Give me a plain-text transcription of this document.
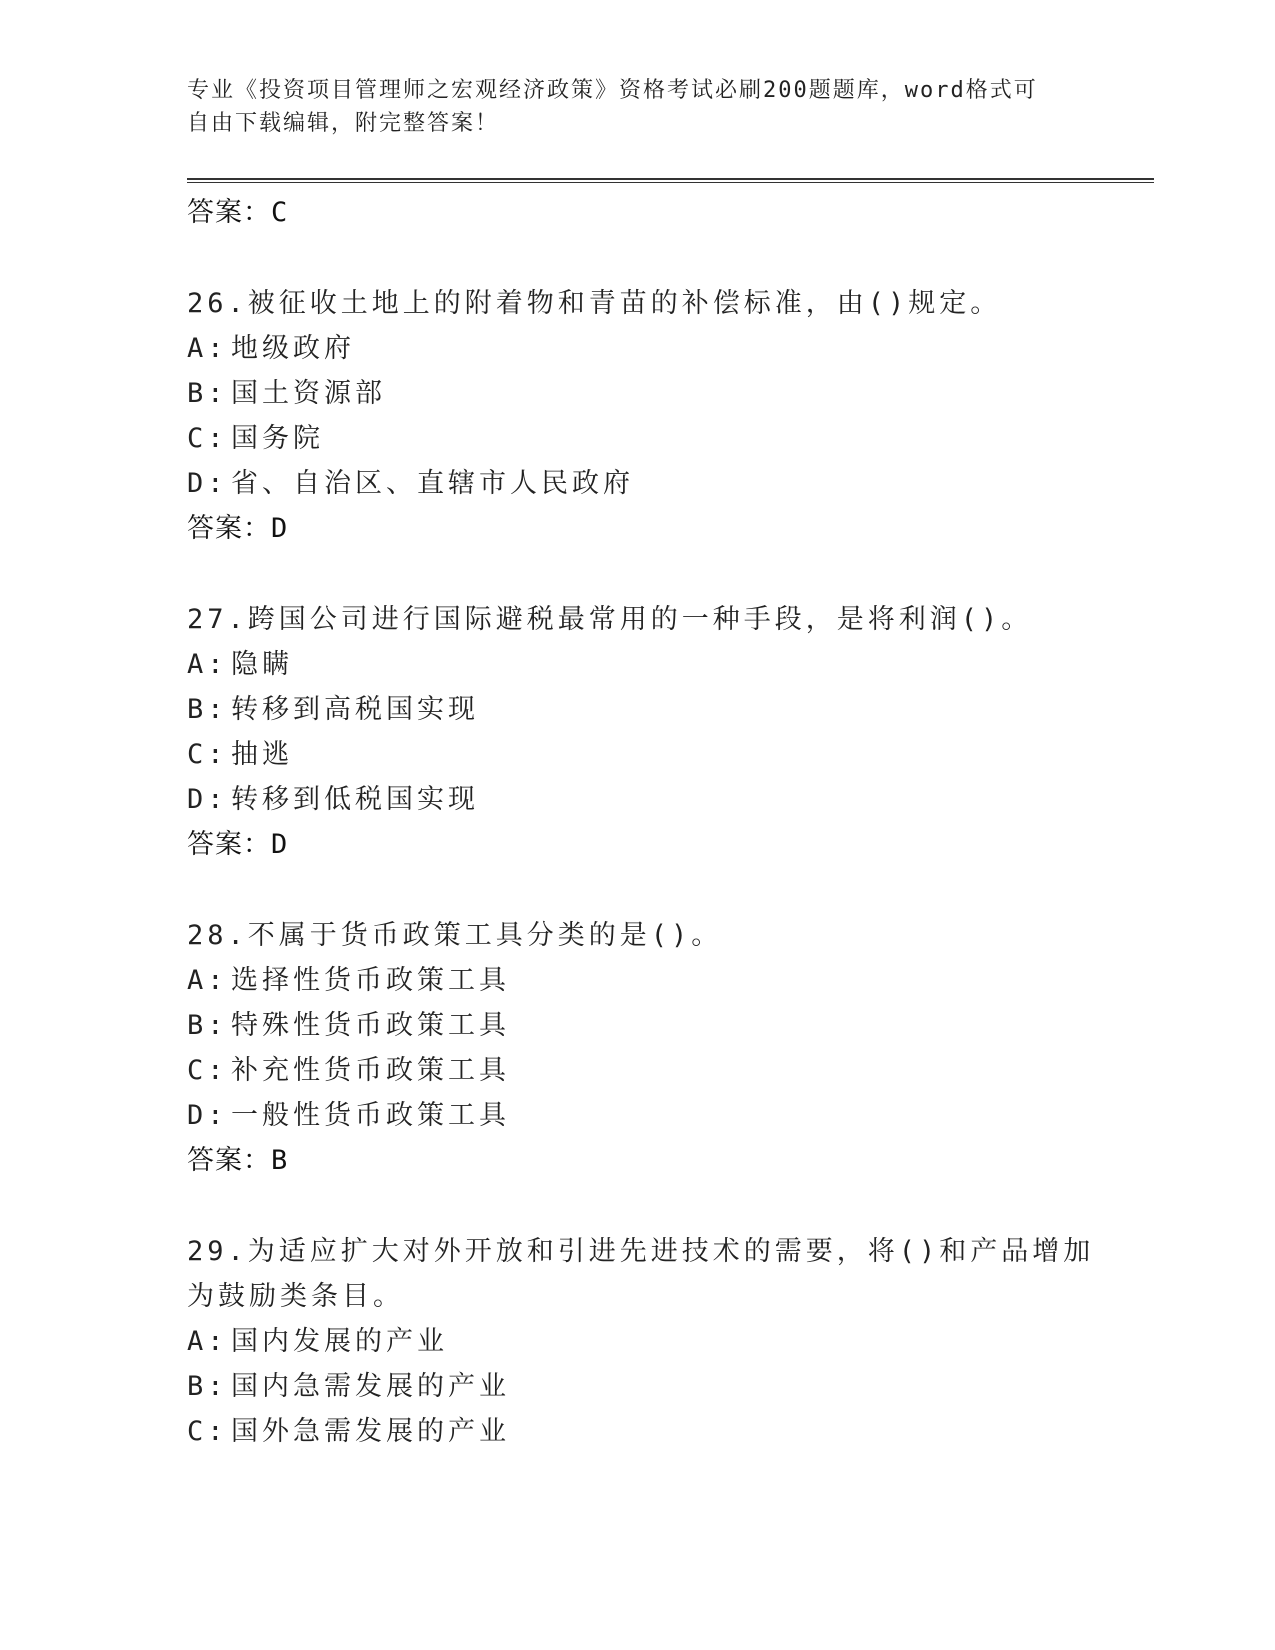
专业《投资项目管理师之宏观经济政策》资格考试必刷200题题库，word格式可
自由下载编辑，附完整答案！
答案：C
26.被征收土地上的附着物和青苗的补偿标准，由()规定。
A: 地级政府
B: 国土资源部
C: 国务院
D: 省、自治区、直辖市人民政府
答案：D
27.跨国公司进行国际避税最常用的一种手段，是将利润()。
A: 隐瞒
B: 转移到高税国实现
C: 抽逃
D: 转移到低税国实现
答案：D
28.不属于货币政策工具分类的是()。
A: 选择性货币政策工具
B: 特殊性货币政策工具
C: 补充性货币政策工具
D: 一般性货币政策工具
答案：B
29.为适应扩大对外开放和引进先进技术的需要，将()和产品增加为鼓励类条目。
A: 国内发展的产业
B: 国内急需发展的产业
C: 国外急需发展的产业
